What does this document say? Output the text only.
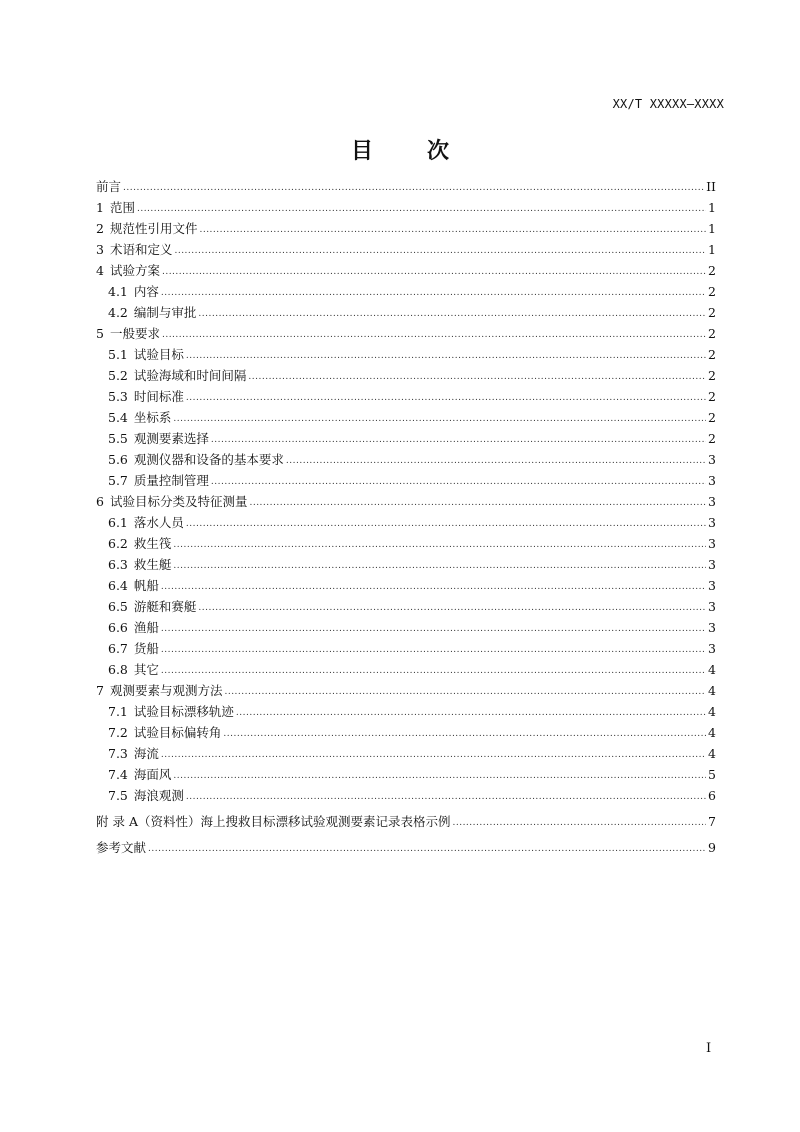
XX/T XXXXX—XXXX
目　次
前言 .....	II
1 范围 .....	1
2 规范性引用文件 .....	1
3 术语和定义 .....	1
4 试验方案 .....	2
4.1 内容 .....	2
4.2 编制与审批 .....	2
5 一般要求 .....	2
5.1 试验目标 .....	2
5.2 试验海域和时间间隔 .....	2
5.3 时间标准 .....	2
5.4 坐标系 .....	2
5.5 观测要素选择 .....	2
5.6 观测仪器和设备的基本要求 .....	3
5.7 质量控制管理 .....	3
6 试验目标分类及特征测量 .....	3
6.1 落水人员 .....	3
6.2 救生筏 .....	3
6.3 救生艇 .....	3
6.4 帆船 .....	3
6.5 游艇和赛艇 .....	3
6.6 渔船 .....	3
6.7 货船 .....	3
6.8 其它 .....	4
7 观测要素与观测方法 .....	4
7.1 试验目标漂移轨迹 .....	4
7.2 试验目标偏转角 .....	4
7.3 海流 .....	4
7.4 海面风 .....	5
7.5 海浪观测 .....	6
附 录 A（资料性）海上搜救目标漂移试验观测要素记录表格示例 .....	7
参考文献 .....	9
I
